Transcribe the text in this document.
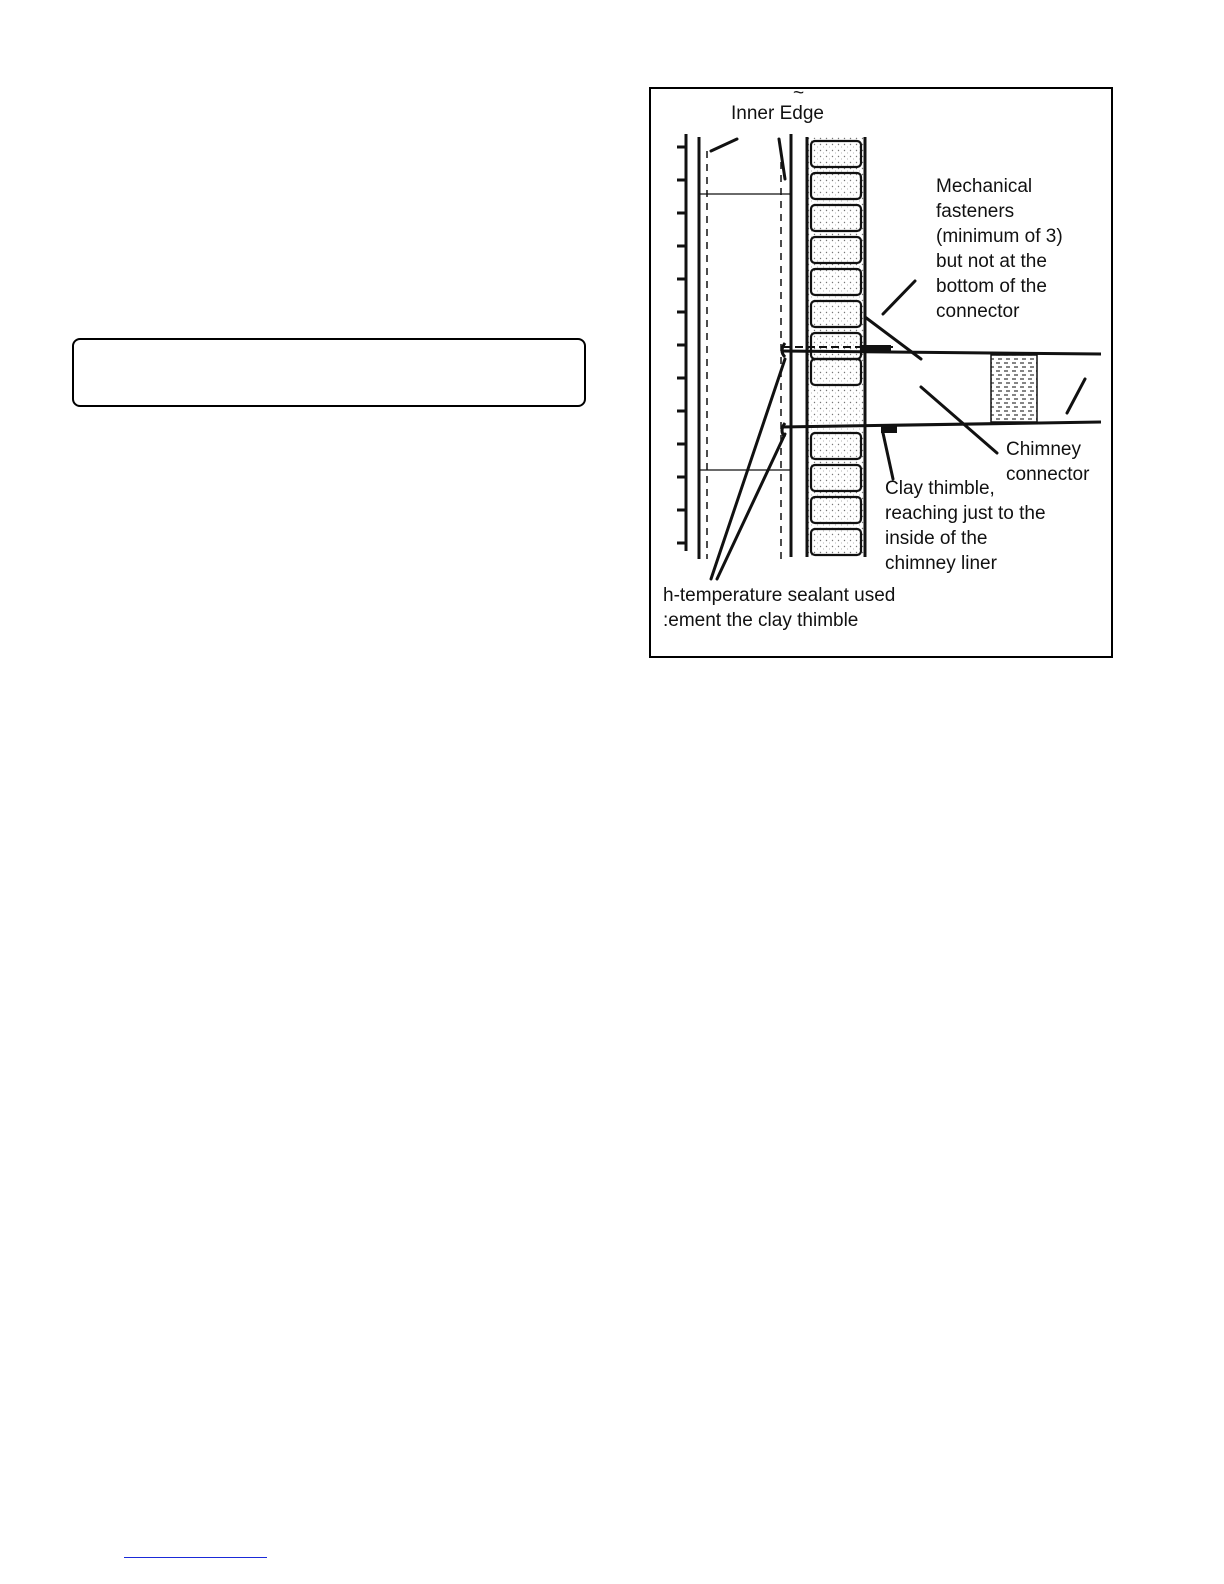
~
Inner Edge
Mechanical
fasteners
(minimum of 3)
but not at the
bottom of the
connector
Chimney
connector
Clay thimble,
reaching just to the
inside of the
chimney liner
h-temperature sealant used
:ement the clay thimble
